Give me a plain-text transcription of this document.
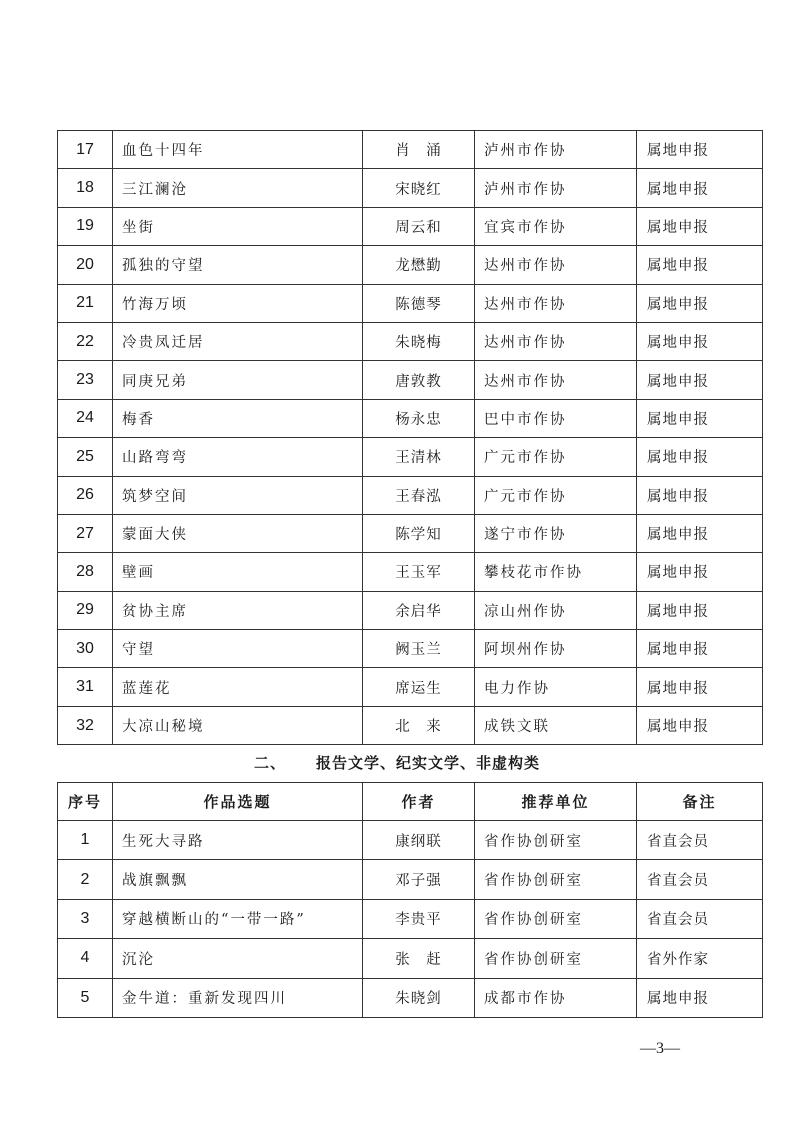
17	血色十四年	肖　涌	泸州市作协	属地申报
18	三江澜沧	宋晓红	泸州市作协	属地申报
19	坐街	周云和	宜宾市作协	属地申报
20	孤独的守望	龙懋勤	达州市作协	属地申报
21	竹海万顷	陈德琴	达州市作协	属地申报
22	冷贵凤迁居	朱晓梅	达州市作协	属地申报
23	同庚兄弟	唐敦教	达州市作协	属地申报
24	梅香	杨永忠	巴中市作协	属地申报
25	山路弯弯	王清林	广元市作协	属地申报
26	筑梦空间	王春泓	广元市作协	属地申报
27	蒙面大侠	陈学知	遂宁市作协	属地申报
28	壁画	王玉军	攀枝花市作协	属地申报
29	贫协主席	余启华	凉山州作协	属地申报
30	守望	阙玉兰	阿坝州作协	属地申报
31	蓝莲花	席运生	电力作协	属地申报
32	大凉山秘境	北　来	成铁文联	属地申报
二、 报告文学、纪实文学、非虚构类
序号	作品选题	作者	推荐单位	备注
1	生死大寻路	康纲联	省作协创研室	省直会员
2	战旗飘飘	邓子强	省作协创研室	省直会员
3	穿越横断山的“一带一路”	李贵平	省作协创研室	省直会员
4	沉沦	张　赶	省作协创研室	省外作家
5	金牛道：重新发现四川	朱晓剑	成都市作协	属地申报
—3—
